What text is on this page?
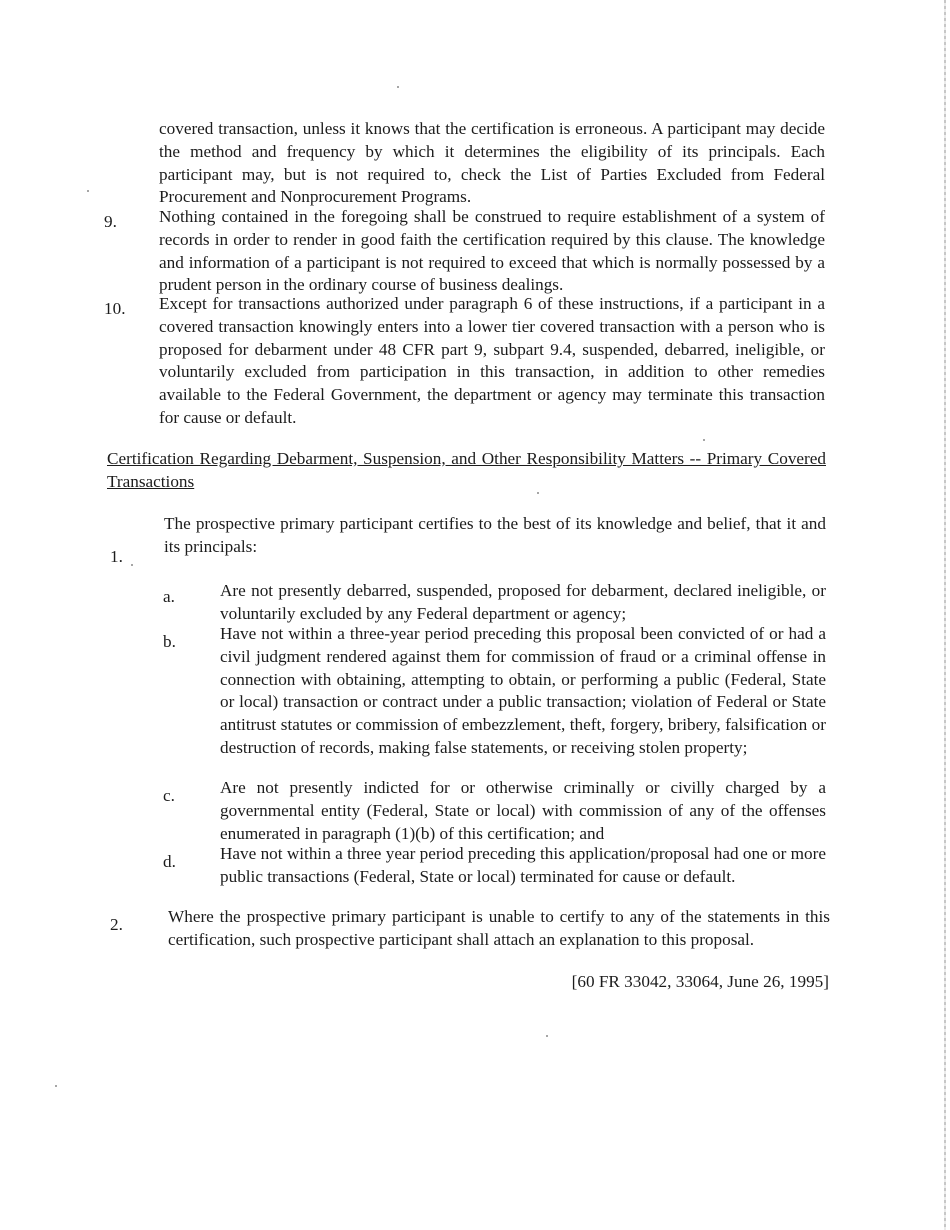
covered transaction, unless it knows that the certification is erroneous. A participant may decide the method and frequency by which it determines the eligibility of its principals. Each participant may, but is not required to, check the List of Parties Excluded from Federal Procurement and Nonprocurement Programs.
9. Nothing contained in the foregoing shall be construed to require establishment of a system of records in order to render in good faith the certification required by this clause. The knowledge and information of a participant is not required to exceed that which is normally possessed by a prudent person in the ordinary course of business dealings.
10. Except for transactions authorized under paragraph 6 of these instructions, if a participant in a covered transaction knowingly enters into a lower tier covered transaction with a person who is proposed for debarment under 48 CFR part 9, subpart 9.4, suspended, debarred, ineligible, or voluntarily excluded from participation in this transaction, in addition to other remedies available to the Federal Government, the department or agency may terminate this transaction for cause or default.
Certification Regarding Debarment, Suspension, and Other Responsibility Matters -- Primary Covered Transactions
1.
The prospective primary participant certifies to the best of its knowledge and belief, that it and its principals:
a.	Are not presently debarred, suspended, proposed for debarment, declared ineligible, or voluntarily excluded by any Federal department or agency;
b.	Have not within a three-year period preceding this proposal been convicted of or had a civil judgment rendered against them for commission of fraud or a criminal offense in connection with obtaining, attempting to obtain, or performing a public (Federal, State or local) transaction or contract under a public transaction; violation of Federal or State antitrust statutes or commission of embezzlement, theft, forgery, bribery, falsification or destruction of records, making false statements, or receiving stolen property;
c.	Are not presently indicted for or otherwise criminally or civilly charged by a governmental entity (Federal, State or local) with commission of any of the offenses enumerated in paragraph (1)(b) of this certification; and
d.	Have not within a three year period preceding this application/proposal had one or more public transactions (Federal, State or local) terminated for cause or default.
2.	Where the prospective primary participant is unable to certify to any of the statements in this certification, such prospective participant shall attach an explanation to this proposal.
[60 FR 33042, 33064, June 26, 1995]
